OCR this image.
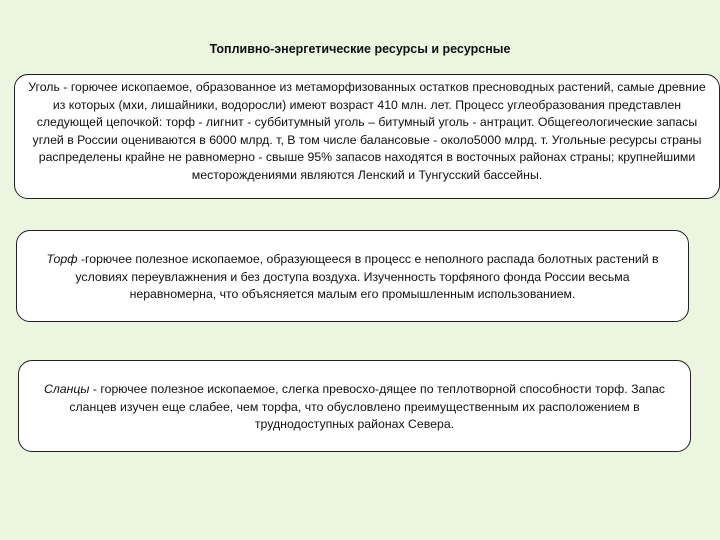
Топливно-энергетические ресурсы и ресурсные
Уголь - горючее ископаемое, образованное из метаморфизованных остатков пресноводных растений, самые древние из которых (мхи, лишайники, водоросли) имеют возраст 410 млн. лет. Процесс углеобразования представлен следующей цепочкой: торф - лигнит - суббитумный уголь – битумный уголь - антрацит. Общегеологические запасы углей в России оцениваются в 6000 млрд. т, В том числе балансовые - около5000 млрд. т. Угольные ресурсы страны распределены крайне не равномерно - свыше 95% запасов находятся в восточных районах страны; крупнейшими месторождениями являются Ленский и Тунгусский бассейны.
Торф -горючее полезное ископаемое, образующееся в процесс е неполного распада болотных растений в условиях переувлажнения и без доступа воздуха. Изученность торфяного фонда России весьма неравномерна, что объясняется малым его промышленным использованием.
Сланцы - горючее полезное ископаемое, слегка превосхо-дящее по теплотворной способности торф. Запас сланцев изучен еще слабее, чем торфа, что обусловлено преимущественным их расположением в труднодоступных районах Севера.
